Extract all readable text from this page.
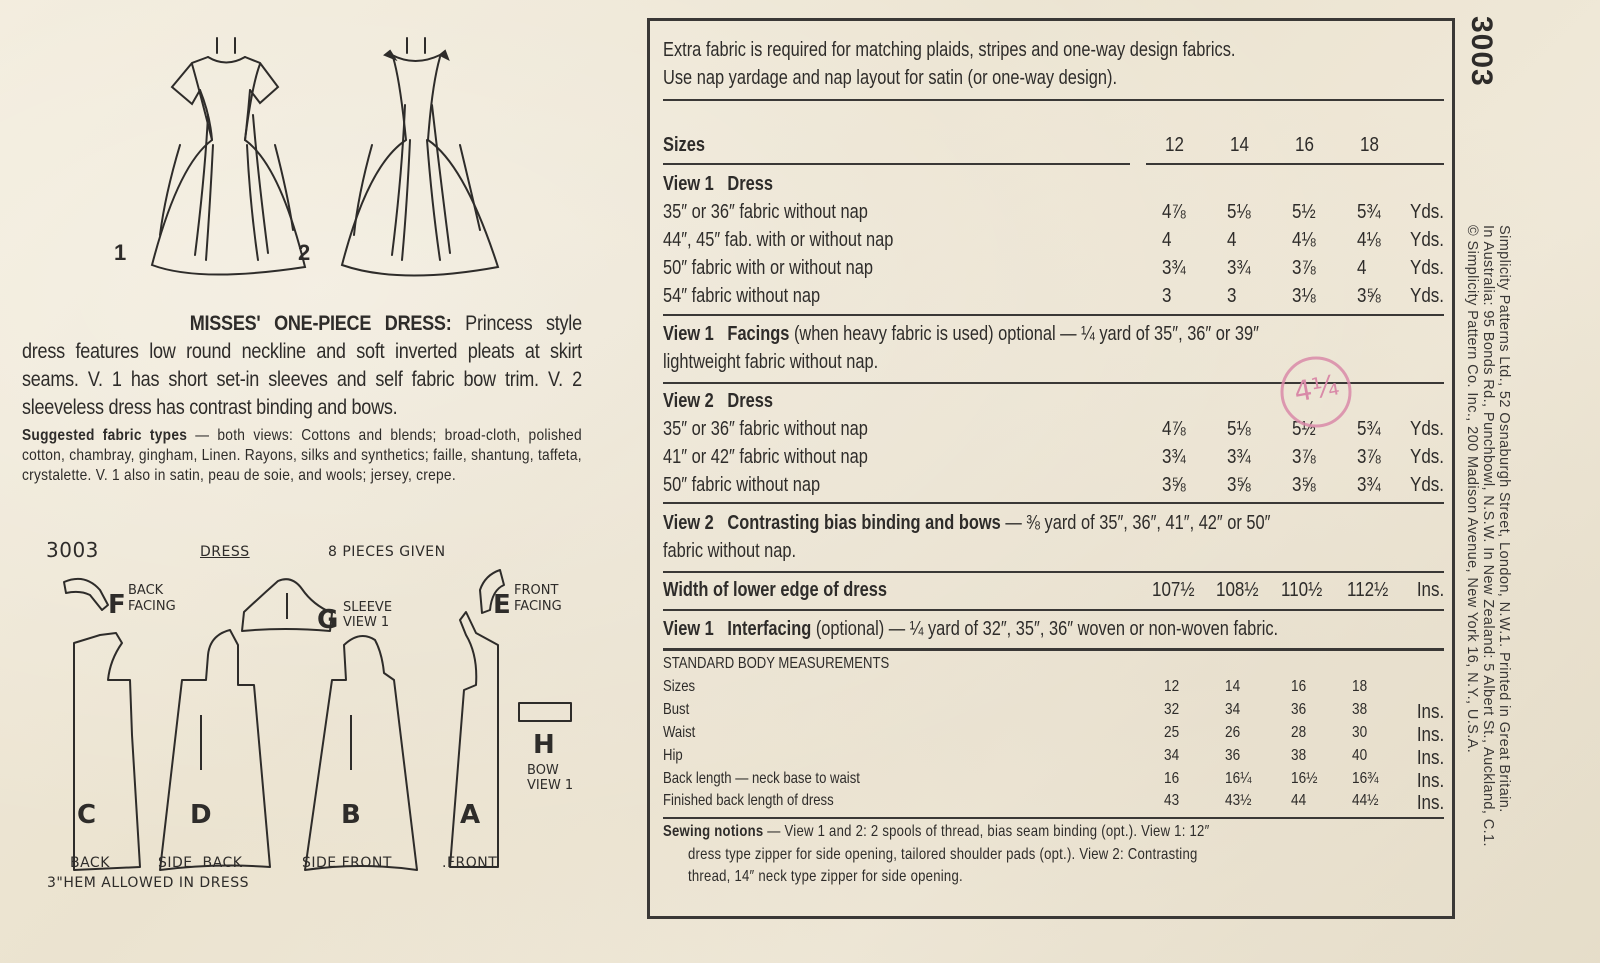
1	2

MISSES' ONE-PIECE DRESS: Princess style dress features low round neckline and soft inverted pleats at skirt seams. V. 1 has short set-in sleeves and self fabric bow trim. V. 2 sleeveless dress has contrast binding and bows.

Suggested fabric types — both views: Cottons and blends; broad-cloth, polished cotton, chambray, gingham, Linen. Rayons, silks and synthetics; faille, shantung, taffeta, crystalette. V. 1 also in satin, peau de soie, and wools; jersey, crepe.

3003	DRESS	8 PIECES GIVEN
F BACK
FACING	G SLEEVE
VIEW 1
E FRONT
FACING
C
BACK
D
SIDE  BACK
B
SIDE FRONT
A
.FRONT
H
BOW
VIEW 1
3"HEM ALLOWED IN DRESS
Extra fabric is required for matching plaids, stripes and one-way design fabrics.
Use nap yardage and nap layout for satin (or one-way design).
Sizes	12 14 16 18
View 1   Dress
35″ or 36″ fabric without nap	4⅞ 5⅛ 5½ 5¾ Yds.
44″, 45″ fab. with or without nap	4	4	4⅛ 4⅛ Yds.
50″ fabric with or without nap	3¾ 3¾ 3⅞ 4 Yds.
54″ fabric without nap	3	3	3⅛ 3⅝ Yds.
View 1   Facings (when heavy fabric is used) optional — ¼ yard of 35″, 36″ or 39″
lightweight fabric without nap.
View 2   Dress
35″ or 36″ fabric without nap	4⅞ 5⅛ 5½ 5¾ Yds.
41″ or 42″ fabric without nap	3¾ 3¾ 3⅞ 3⅞ Yds.
50″ fabric without nap	3⅝ 3⅝ 3⅝ 3¾ Yds.
View 2   Contrasting bias binding and bows — ⅜ yard of 35″, 36″, 41″, 42″ or 50″
fabric without nap.
Width of lower edge of dress	107½ 108½ 110½ 112½ Ins.
View 1   Interfacing (optional) — ¼ yard of 32″, 35″, 36″ woven or non-woven fabric.
STANDARD BODY MEASUREMENTS
Sizes	12	14	16	18
Bust	32	34	36	38 Ins.
Waist	25	26	28	30 Ins.
Hip	34	36	38	40 Ins.
Back length — neck base to waist	16	16¼ 16½ 16¾ Ins.
Finished back length of dress	43	43½ 44	44½ Ins.
Sewing notions — View 1 and 2: 2 spools of thread, bias seam binding (opt.). View 1: 12″
dress type zipper for side opening, tailored shoulder pads (opt.). View 2: Contrasting
thread, 14″ neck type zipper for side opening.
4¼
3003
Simplicity Patterns Ltd., 52 Osnaburgh Street, London, N.W.1. Printed in Great Britain.
In Australia: 95 Bonds Rd., Punchbowl, N.S.W. In New Zealand: 5 Albert St., Auckland, C.1.
© Simplicity Pattern Co. Inc., 200 Madison Avenue, New York 16, N.Y., U.S.A.
